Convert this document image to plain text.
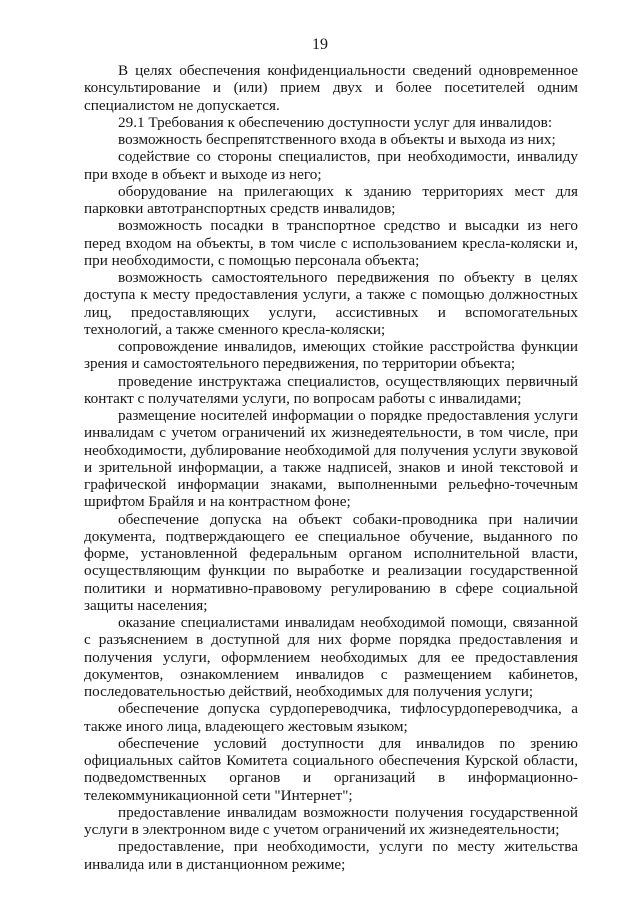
19

В целях обеспечения конфиденциальности сведений одновременное консультирование и (или) прием двух и более посетителей одним специалистом не допускается.

29.1 Требования к обеспечению доступности услуг для инвалидов:

возможность беспрепятственного входа в объекты и выхода из них;

содействие со стороны специалистов, при необходимости, инвалиду при входе в объект и выходе из него;

оборудование на прилегающих к зданию территориях мест для парковки автотранспортных средств инвалидов;

возможность посадки в транспортное средство и высадки из него перед входом на объекты, в том числе с использованием кресла-коляски и, при необходимости, с помощью персонала объекта;

возможность самостоятельного передвижения по объекту в целях доступа к месту предоставления услуги, а также с помощью должностных лиц, предоставляющих услуги, ассистивных и вспомогательных технологий, а также сменного кресла-коляски;

сопровождение инвалидов, имеющих стойкие расстройства функции зрения и самостоятельного передвижения, по территории объекта;

проведение инструктажа специалистов, осуществляющих первичный контакт с получателями услуги, по вопросам работы с инвалидами;

размещение носителей информации о порядке предоставления услуги инвалидам с учетом ограничений их жизнедеятельности, в том числе, при необходимости, дублирование необходимой для получения услуги звуковой и зрительной информации, а также надписей, знаков и иной текстовой и графической информации знаками, выполненными рельефно-точечным шрифтом Брайля и на контрастном фоне;

обеспечение допуска на объект собаки-проводника при наличии документа, подтверждающего ее специальное обучение, выданного по форме, установленной федеральным органом исполнительной власти, осуществляющим функции по выработке и реализации государственной политики и нормативно-правовому регулированию в сфере социальной защиты населения;

оказание специалистами инвалидам необходимой помощи, связанной с разъяснением в доступной для них форме порядка предоставления и получения услуги, оформлением необходимых для ее предоставления документов, ознакомлением инвалидов с размещением кабинетов, последовательностью действий, необходимых для получения услуги;

обеспечение допуска сурдопереводчика, тифлосурдопереводчика, а также иного лица, владеющего жестовым языком;

обеспечение условий доступности для инвалидов по зрению официальных сайтов Комитета социального обеспечения Курской области, подведомственных органов и организаций в информационно-телекоммуникационной сети "Интернет";

предоставление инвалидам возможности получения государственной услуги в электронном виде с учетом ограничений их жизнедеятельности;

предоставление, при необходимости, услуги по месту жительства инвалида или в дистанционном режиме;
